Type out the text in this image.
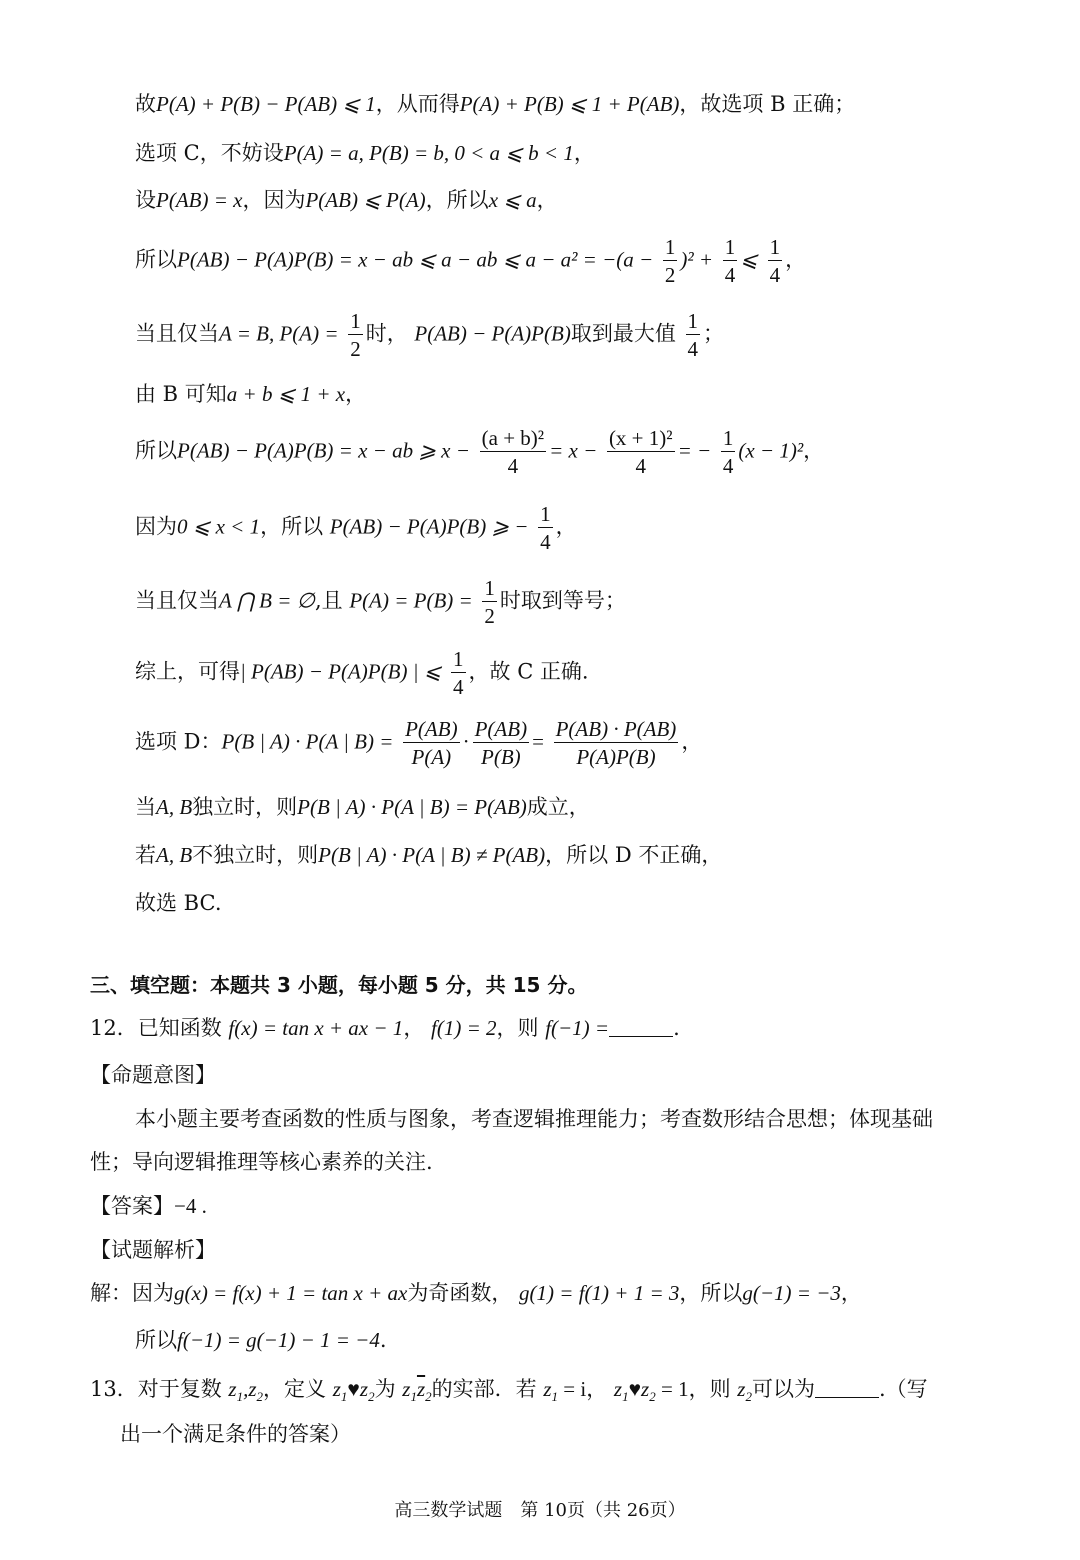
故P(A) + P(B) − P(AB) ⩽ 1，从而得P(A) + P(B) ⩽ 1 + P(AB)，故选项 B 正确；
选项 C，不妨设P(A) = a, P(B) = b, 0 < a ⩽ b < 1，
设P(AB) = x，因为P(AB) ⩽ P(A)，所以x ⩽ a，
所以P(AB) − P(A)P(B) = x − ab ⩽ a − ab ⩽ $a - a^2 = -(a - \frac{1}{2} )^2 + \frac{1}{4}$ ⩽ $\frac{1}{4}$ ，
当且仅当A = B, $P(A) = \frac{1}{2}$ 时， P(AB) − P(A)P(B)取到最大值 $\frac{1}{4}$ ；
由 B 可知a + b ⩽ 1 + x，
所以P(AB) − P(A)P(B) = x − ab ⩾ $x - \frac{\text{(a + b)²}}{4} = x - \frac{\text{(x + 1)²}}{4}$ = − $\frac{1}{4} (x - 1)^2$，
因为0 ⩽ x < 1，所以 P(AB) − P(A)P(B) ⩾ − $\frac{1}{4}$ ，
当且仅当A ⋂ B = ∅,且 $P(A) = P(B) = \frac{1}{2}$ 时取到等号；
综上，可得| P(AB) − P(A)P(B) | ⩽ $\frac{1}{4}$ ，故 C 正确.
选项 D：P(B | A) · P(A | $B) = \frac{P(AB)}{P(A)} \cdot \frac{P(AB)}{P(B)} = \frac{P(AB) \cdot P(AB)}{P(A)P(B)}$ ，
当A, B独立时，则P(B | A) · P(A | B) = P(AB)成立，
若A, B不独立时，则P(B | A) · P(A | B) ≠ P(AB)，所以 D 不正确，
故选 BC.
三、填空题：本题共 3 小题，每小题 5 分，共 15 分。
12．已知函数 f(x) = tan x + ax − 1， f(1) = 2，则 f(−1) =	.
【命题意图】
本小题主要考查函数的性质与图象，考查逻辑推理能力；考查数形结合思想；体现基础
性；导向逻辑推理等核心素养的关注.
【答案】−4 .
【试题解析】
解：因为g(x) = f(x) + 1 = tan x + ax为奇函数， g(1) = f(1) + 1 = 3，所以g(−1) = −3，
所以f(−1) = g(−1) − 1 = −4.
13．对于复数 $z_1,z_2$，定义 $z_1♥z_2$为 $z_1\overline{z}_2$的实部．若 $z_1 = i$， $z_1♥z_2 = 1$，则 $z_2$可以为	.（写
出一个满足条件的答案）
高三数学试题　第 10页（共 26页）
